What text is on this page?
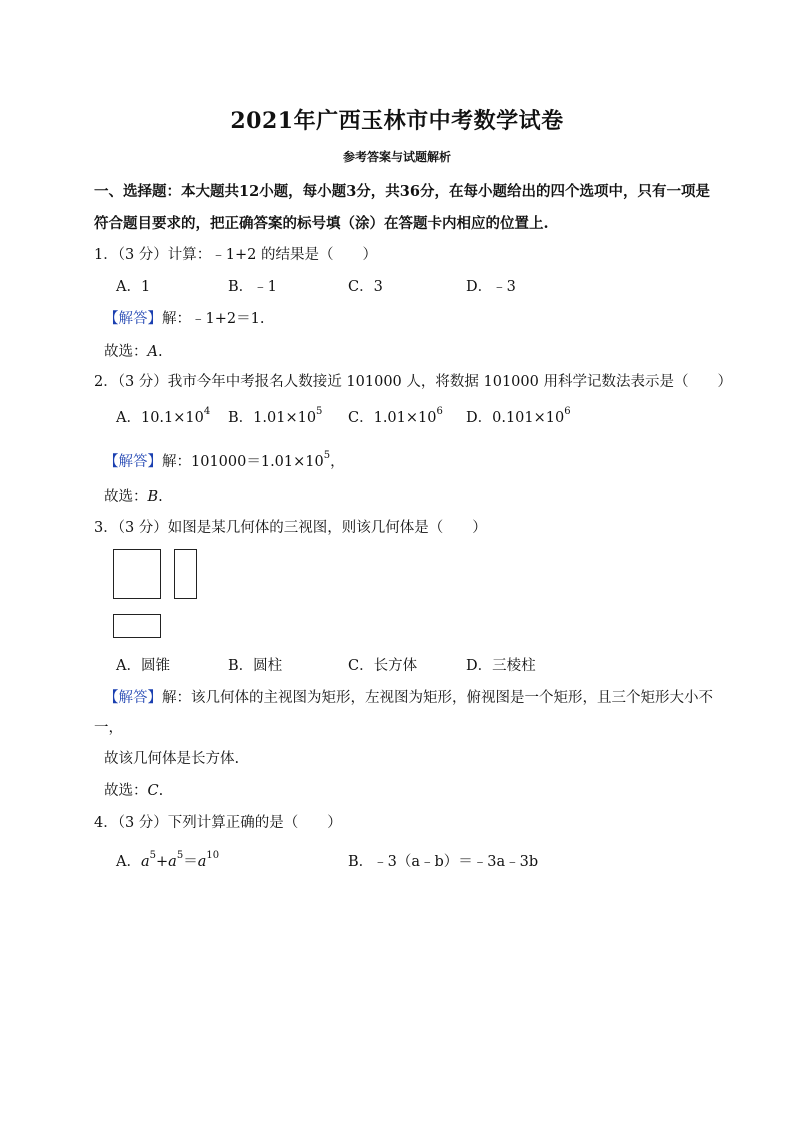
2021年广西玉林市中考数学试卷
参考答案与试题解析
一、选择题：本大题共12小题，每小题3分，共36分，在每小题给出的四个选项中，只有一项是
符合题目要求的，把正确答案的标号填（涂）在答题卡内相应的位置上.
1．（3 分）计算：﹣1+2 的结果是（　　）
A．1	B．﹣1	C．3	D．﹣3
【解答】解：﹣1+2＝1.
故选：A.
2．（3 分）我市今年中考报名人数接近 101000 人，将数据 101000 用科学记数法表示是（　　）
A．$10.1\times 10^4$ B．$1.01\times 10^5$ C．$1.01\times 10^6$ D．$0.101\times 10^6$
【解答】解：$101000=1.01\times 10^5$，
故选：B.
3．（3 分）如图是某几何体的三视图，则该几何体是（　　）
A．圆锥	B．圆柱	C．长方体	D．三棱柱
【解答】解：该几何体的主视图为矩形，左视图为矩形，俯视图是一个矩形，且三个矩形大小不
一，
故该几何体是长方体.
故选：C.
4．（3 分）下列计算正确的是（　　）
A．$a^5+a^5=a^{10}$	B．﹣3（a﹣b）＝﹣3a﹣3b
